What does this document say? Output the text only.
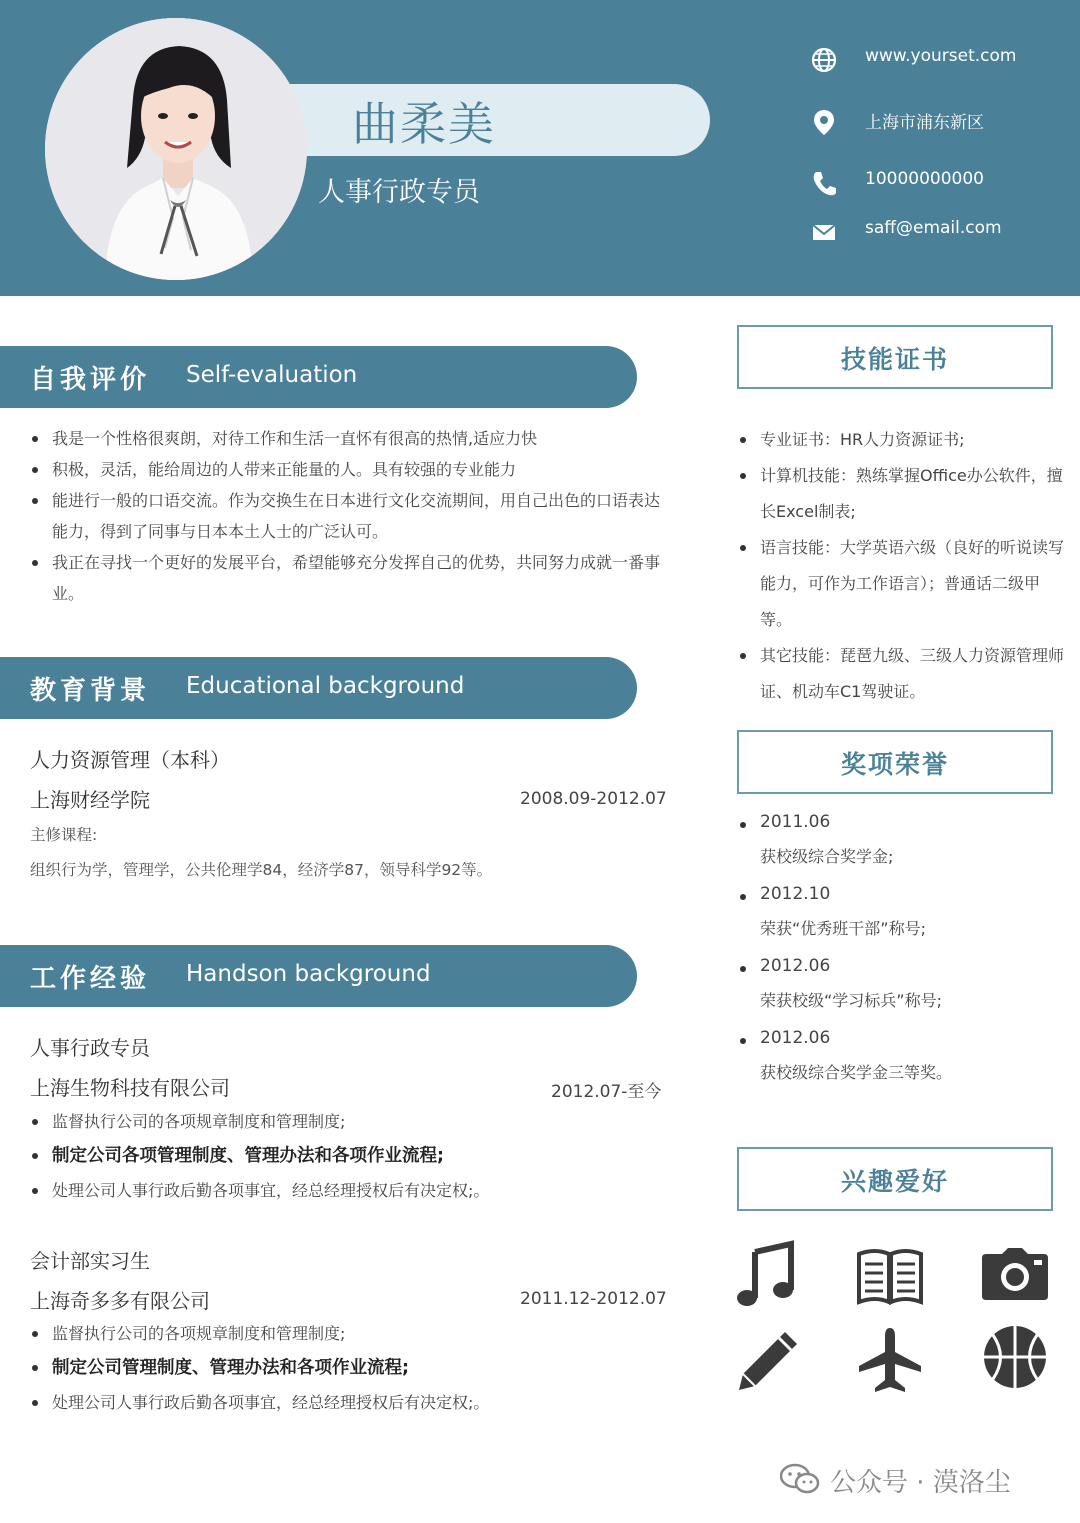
曲柔美
人事行政专员
www.yourset.com
上海市浦东新区
10000000000
saff@email.com
自我评价 Self-evaluation
我是一个性格很爽朗，对待工作和生活一直怀有很高的热情,适应力快
积极，灵活，能给周边的人带来正能量的人。具有较强的专业能力
能进行一般的口语交流。作为交换生在日本进行文化交流期间，用自己出色的口语表达能力，得到了同事与日本本土人士的广泛认可。
我正在寻找一个更好的发展平台，希望能够充分发挥自己的优势，共同努力成就一番事业。
教育背景 Educational background
人力资源管理（本科）
上海财经学院	2008.09-2012.07
主修课程:
组织行为学，管理学，公共伦理学84，经济学87，领导科学92等。
工作经验 Handson background
人事行政专员
上海生物科技有限公司	2012.07-至今
监督执行公司的各项规章制度和管理制度;
制定公司各项管理制度、管理办法和各项作业流程;
处理公司人事行政后勤各项事宜，经总经理授权后有决定权;。
会计部实习生
上海奇多多有限公司	2011.12-2012.07
监督执行公司的各项规章制度和管理制度;
制定公司管理制度、管理办法和各项作业流程;
处理公司人事行政后勤各项事宜，经总经理授权后有决定权;。
技能证书
专业证书：HR人力资源证书;
计算机技能：熟练掌握Office办公软件，擅长Excel制表;
语言技能：大学英语六级（良好的听说读写能力，可作为工作语言）；普通话二级甲等。
其它技能：琵琶九级、三级人力资源管理师证、机动车C1驾驶证。
奖项荣誉
2011.06
获校级综合奖学金;
2012.10
荣获“优秀班干部”称号;
2012.06
荣获校级“学习标兵”称号;
2012.06
获校级综合奖学金三等奖。
兴趣爱好
公众号 · 漠洛尘
